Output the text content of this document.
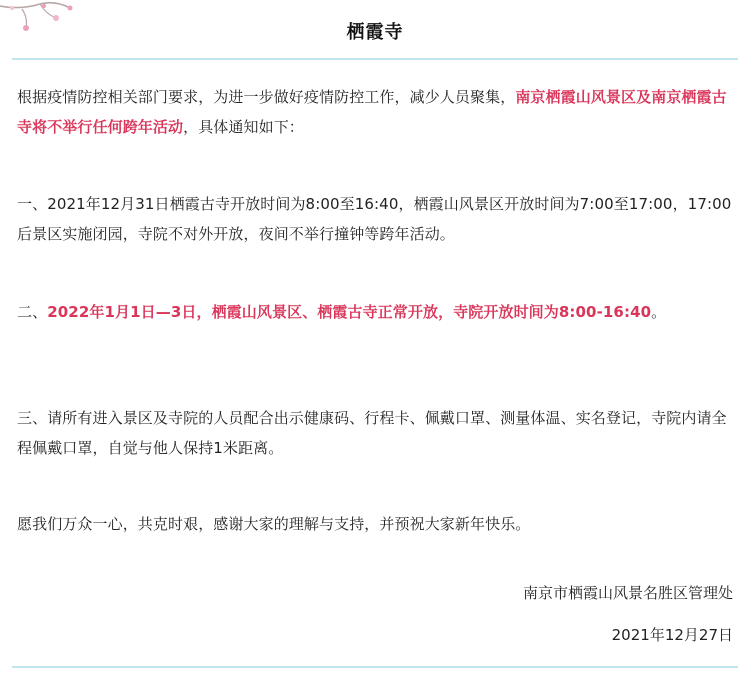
栖霞寺
根据疫情防控相关部门要求，为进一步做好疫情防控工作，减少人员聚集，南京栖霞山风景区及南京栖霞古寺将不举行任何跨年活动，具体通知如下：
一、2021年12月31日栖霞古寺开放时间为8:00至16:40，栖霞山风景区开放时间为7:00至17:00，17:00后景区实施闭园，寺院不对外开放，夜间不举行撞钟等跨年活动。
二、2022年1月1日—3日，栖霞山风景区、栖霞古寺正常开放，寺院开放时间为8:00-16:40。
三、请所有进入景区及寺院的人员配合出示健康码、行程卡、佩戴口罩、测量体温、实名登记，寺院内请全程佩戴口罩，自觉与他人保持1米距离。
愿我们万众一心，共克时艰，感谢大家的理解与支持，并预祝大家新年快乐。
南京市栖霞山风景名胜区管理处
2021年12月27日
